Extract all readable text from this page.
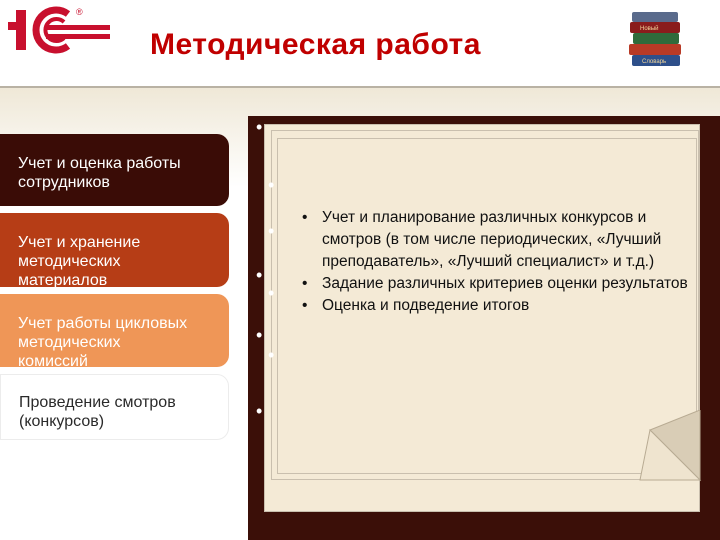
®
Методическая работа	Новый
Словарь
Учет и оценка работы
сотрудников
Учет и хранение
методических
материалов
Учет работы цикловых
методических
комиссий
Проведение смотров
(конкурсов)
•
•
•
•
•
•
•
•
• Учет и планирование различных конкурсов и смотров (в том числе периодических, «Лучший преподаватель», «Лучший специалист» и т.д.)
• Задание различных критериев оценки результатов
• Оценка и подведение итогов
